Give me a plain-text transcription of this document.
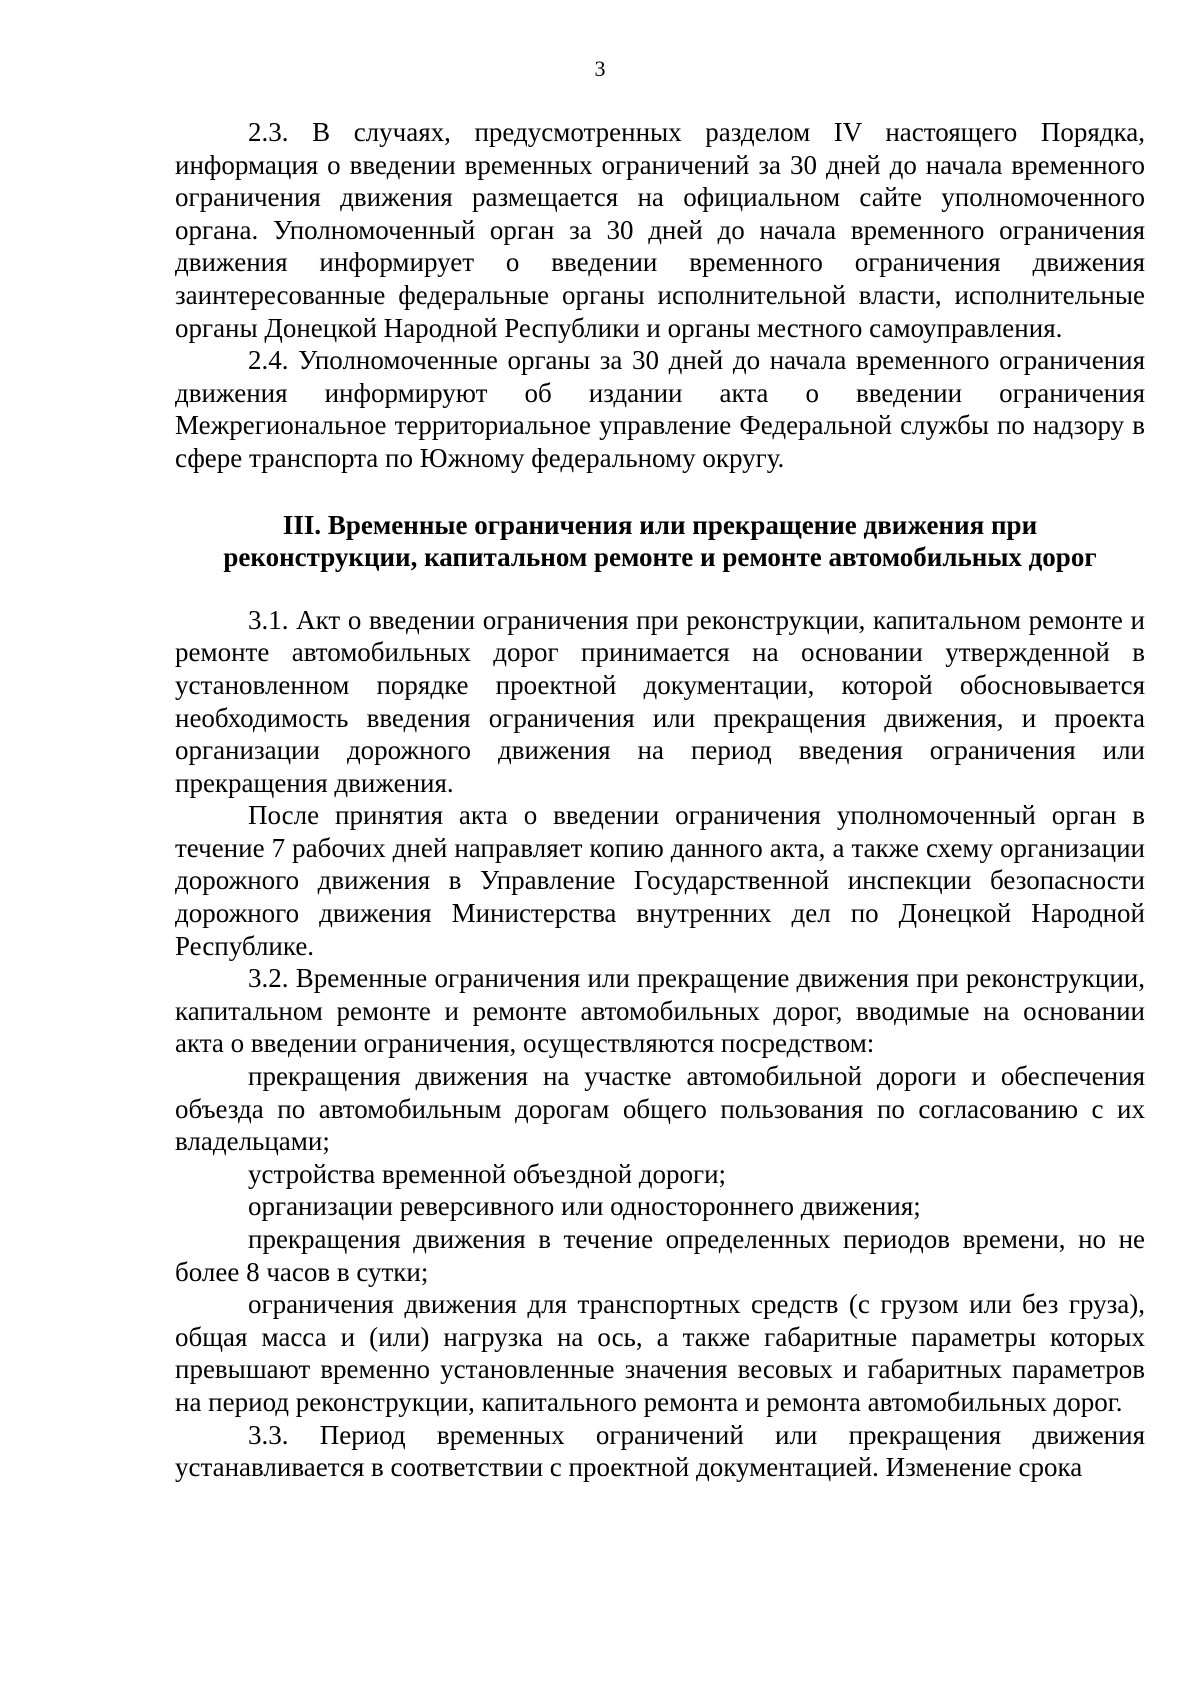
3

2.3. В случаях, предусмотренных разделом IV настоящего Порядка, информация о введении временных ограничений за 30 дней до начала временного ограничения движения размещается на официальном сайте уполномоченного органа. Уполномоченный орган за 30 дней до начала временного ограничения движения информирует о введении временного ограничения движения заинтересованные федеральные органы исполнительной власти, исполнительные органы Донецкой Народной Республики и органы местного самоуправления.

2.4. Уполномоченные органы за 30 дней до начала временного ограничения движения информируют об издании акта о введении ограничения Межрегиональное территориальное управление Федеральной службы по надзору в сфере транспорта по Южному федеральному округу.

III. Временные ограничения или прекращение движения при
реконструкции, капитальном ремонте и ремонте автомобильных дорог

3.1. Акт о введении ограничения при реконструкции, капитальном ремонте и ремонте автомобильных дорог принимается на основании утвержденной в установленном порядке проектной документации, которой обосновывается необходимость введения ограничения или прекращения движения, и проекта организации дорожного движения на период введения ограничения или прекращения движения.

После принятия акта о введении ограничения уполномоченный орган в течение 7 рабочих дней направляет копию данного акта, а также схему организации дорожного движения в Управление Государственной инспекции безопасности дорожного движения Министерства внутренних дел по Донецкой Народной Республике.

3.2. Временные ограничения или прекращение движения при реконструкции, капитальном ремонте и ремонте автомобильных дорог, вводимые на основании акта о введении ограничения, осуществляются посредством:

прекращения движения на участке автомобильной дороги и обеспечения объезда по автомобильным дорогам общего пользования по согласованию с их владельцами;

устройства временной объездной дороги;

организации реверсивного или одностороннего движения;

прекращения движения в течение определенных периодов времени, но не более 8 часов в сутки;

ограничения движения для транспортных средств (с грузом или без груза), общая масса и (или) нагрузка на ось, а также габаритные параметры которых превышают временно установленные значения весовых и габаритных параметров на период реконструкции, капитального ремонта и ремонта автомобильных дорог.

3.3. Период временных ограничений или прекращения движения устанавливается в соответствии с проектной документацией. Изменение срока
